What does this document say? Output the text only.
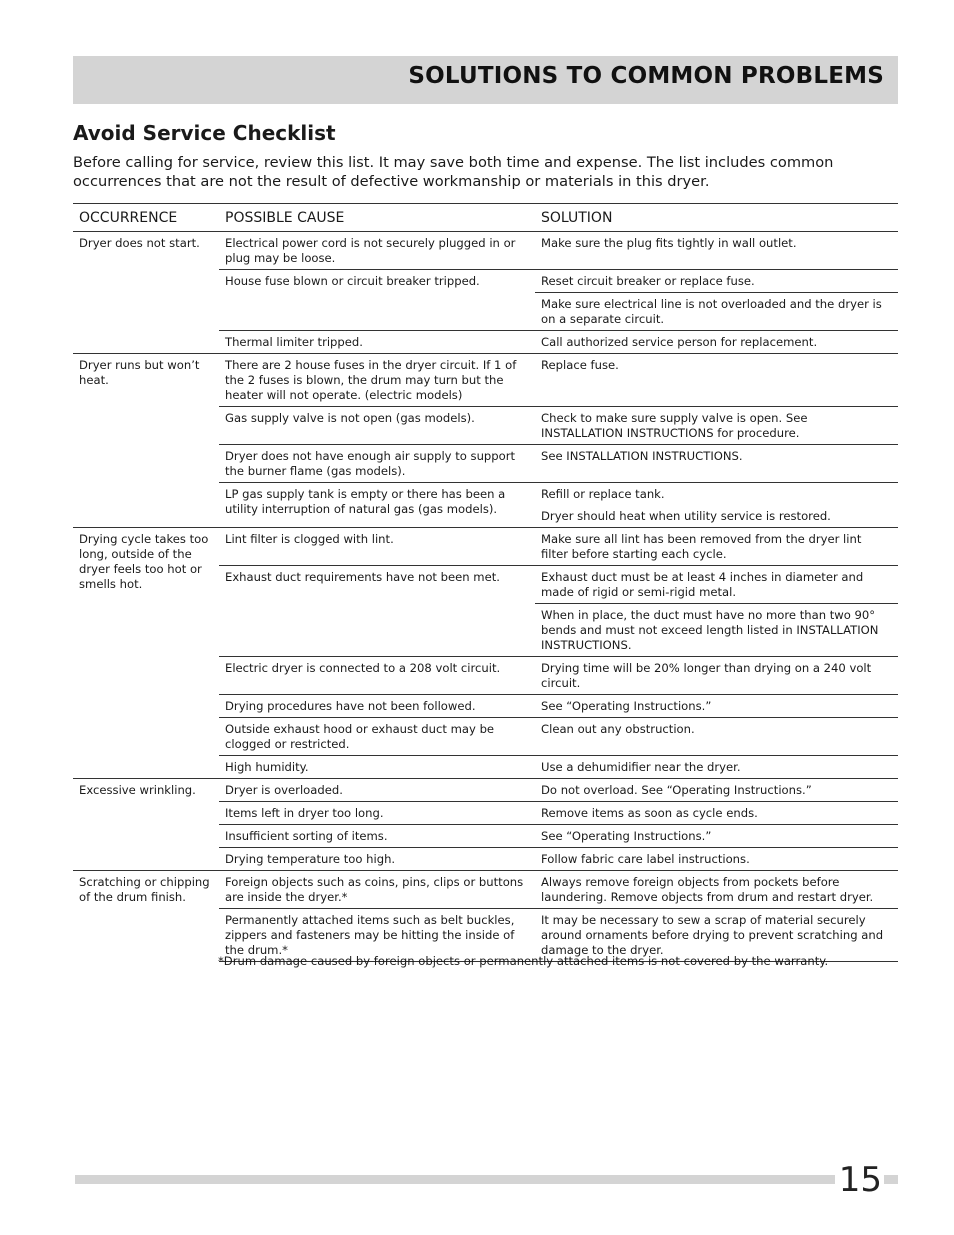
SOLUTIONS TO COMMON PROBLEMS
Avoid Service Checklist

Before calling for service, review this list. It may save both time and expense. The list includes common occurrences that are not the result of defective workmanship or materials in this dryer.

OCCURRENCE	POSSIBLE CAUSE	SOLUTION
Dryer does not start.	Electrical power cord is not securely plugged in or plug may be loose.	Make sure the plug fits tightly in wall outlet.
	House fuse blown or circuit breaker tripped.	Reset circuit breaker or replace fuse.
		Make sure electrical line is not overloaded and the dryer is on a separate circuit.
	Thermal limiter tripped.	Call authorized service person for replacement.
Dryer runs but won’t heat.	There are 2 house fuses in the dryer circuit. If 1 of the 2 fuses is blown, the drum may turn but the heater will not operate. (electric models)	Replace fuse.
	Gas supply valve is not open (gas models).	Check to make sure supply valve is open. See INSTALLATION INSTRUCTIONS for procedure.
	Dryer does not have enough air supply to support the burner flame (gas models).	See INSTALLATION INSTRUCTIONS.
	LP gas supply tank is empty or there has been a utility interruption of natural gas (gas models).	Refill or replace tank.
		Dryer should heat when utility service is restored.
Drying cycle takes too long, outside of the dryer feels too hot or smells hot.	Lint filter is clogged with lint.	Make sure all lint has been removed from the dryer lint filter before starting each cycle.
	Exhaust duct requirements have not been met.	Exhaust duct must be at least 4 inches in diameter and made of rigid or semi-rigid metal.
		When in place, the duct must have no more than two 90° bends and must not exceed length listed in INSTALLATION INSTRUCTIONS.
	Electric dryer is connected to a 208 volt circuit.	Drying time will be 20% longer than drying on a 240 volt circuit.
	Drying procedures have not been followed.	See “Operating Instructions.”
	Outside exhaust hood or exhaust duct may be clogged or restricted.	Clean out any obstruction.
	High humidity.	Use a dehumidifier near the dryer.
Excessive wrinkling.	Dryer is overloaded.	Do not overload. See “Operating Instructions.”
	Items left in dryer too long.	Remove items as soon as cycle ends.
	Insufficient sorting of items.	See “Operating Instructions.”
	Drying temperature too high.	Follow fabric care label instructions.
Scratching or chipping of the drum finish.	Foreign objects such as coins, pins, clips or buttons are inside the dryer.*	Always remove foreign objects from pockets before laundering. Remove objects from drum and restart dryer.
	Permanently attached items such as belt buckles, zippers and fasteners may be hitting the inside of the drum.*	It may be necessary to sew a scrap of material securely around ornaments before drying to prevent scratching and damage to the dryer.
*Drum damage caused by foreign objects or permanently attached items is not covered by the warranty.
15
